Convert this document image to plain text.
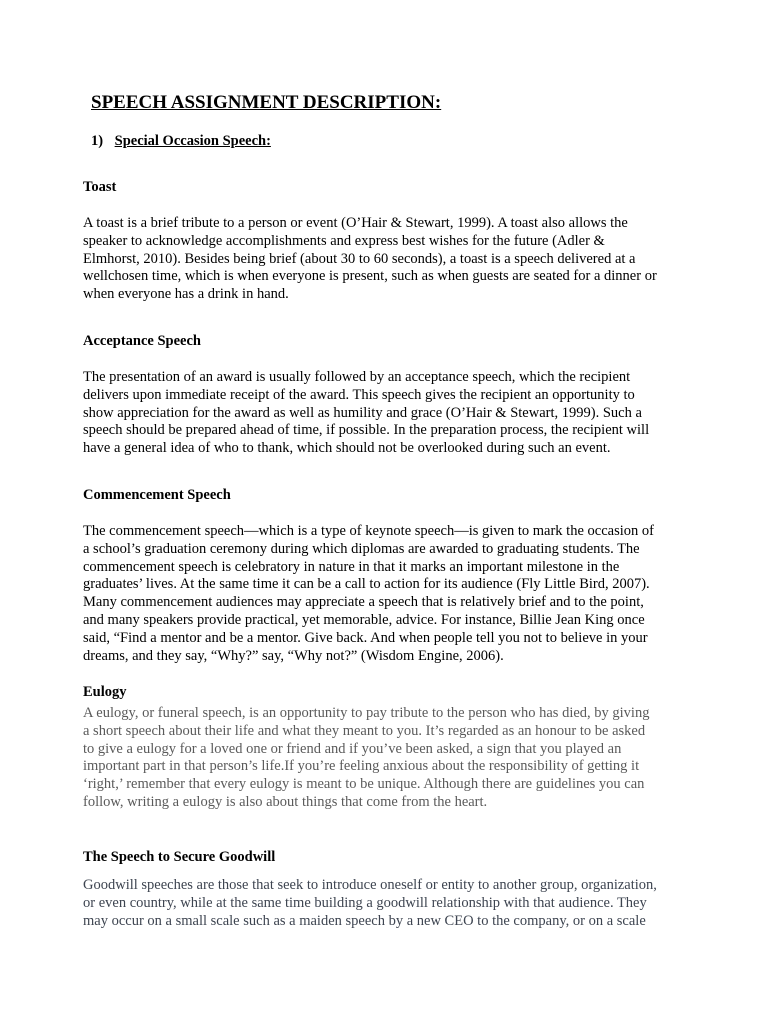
SPEECH ASSIGNMENT DESCRIPTION:
1) Special Occasion Speech:
Toast
A toast is a brief tribute to a person or event (O’Hair & Stewart, 1999). A toast also allows the
speaker to acknowledge accomplishments and express best wishes for the future (Adler &
Elmhorst, 2010). Besides being brief (about 30 to 60 seconds), a toast is a speech delivered at a
wellchosen time, which is when everyone is present, such as when guests are seated for a dinner or
when everyone has a drink in hand.
Acceptance Speech
The presentation of an award is usually followed by an acceptance speech, which the recipient
delivers upon immediate receipt of the award. This speech gives the recipient an opportunity to
show appreciation for the award as well as humility and grace (O’Hair & Stewart, 1999). Such a
speech should be prepared ahead of time, if possible. In the preparation process, the recipient will
have a general idea of who to thank, which should not be overlooked during such an event.
Commencement Speech
The commencement speech—which is a type of keynote speech—is given to mark the occasion of
a school’s graduation ceremony during which diplomas are awarded to graduating students. The
commencement speech is celebratory in nature in that it marks an important milestone in the
graduates’ lives. At the same time it can be a call to action for its audience (Fly Little Bird, 2007).
Many commencement audiences may appreciate a speech that is relatively brief and to the point,
and many speakers provide practical, yet memorable, advice. For instance, Billie Jean King once
said, “Find a mentor and be a mentor. Give back. And when people tell you not to believe in your
dreams, and they say, “Why?” say, “Why not?” (Wisdom Engine, 2006).
Eulogy
A eulogy, or funeral speech, is an opportunity to pay tribute to the person who has died, by giving
a short speech about their life and what they meant to you. It’s regarded as an honour to be asked
to give a eulogy for a loved one or friend and if you’ve been asked, a sign that you played an
important part in that person’s life.If you’re feeling anxious about the responsibility of getting it
‘right,’ remember that every eulogy is meant to be unique. Although there are guidelines you can
follow, writing a eulogy is also about things that come from the heart.
The Speech to Secure Goodwill
Goodwill speeches are those that seek to introduce oneself or entity to another group, organization,
or even country, while at the same time building a goodwill relationship with that audience. They
may occur on a small scale such as a maiden speech by a new CEO to the company, or on a scale
